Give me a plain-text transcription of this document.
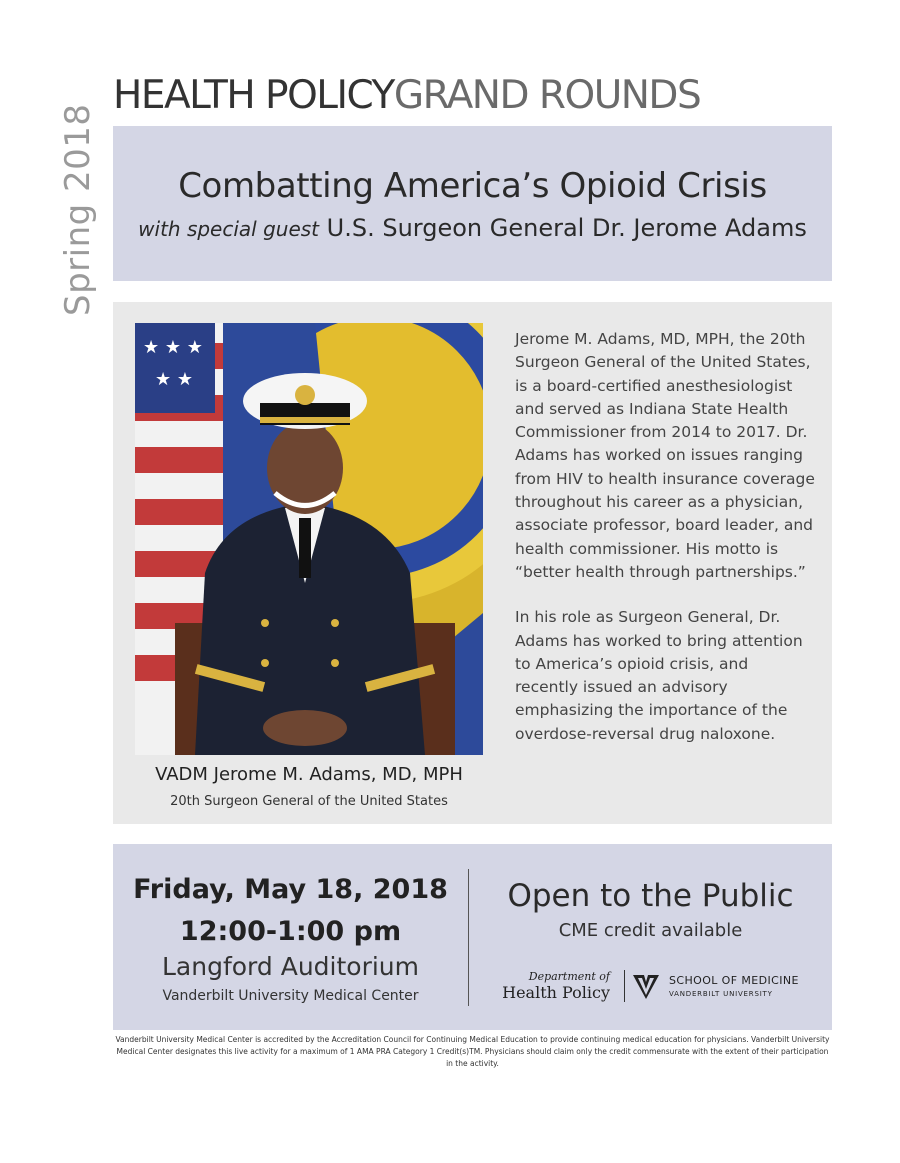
HEALTH POLICYGRAND ROUNDS
Spring 2018	Combatting America’s Opioid Crisis
with special guest U.S. Surgeon General Dr. Jerome Adams
★ ★ ★
★ ★
VADM Jerome M. Adams, MD, MPH
20th Surgeon General of the United States

Jerome M. Adams, MD, MPH, the 20th Surgeon General of the United States, is a board-certified anesthesiologist and served as Indiana State Health Commissioner from 2014 to 2017. Dr. Adams has worked on issues ranging from HIV to health insurance coverage throughout his career as a physician, associate professor, board leader, and health commissioner. His motto is “better health through partnerships.”

In his role as Surgeon General, Dr. Adams has worked to bring attention to America’s opioid crisis, and recently issued an advisory emphasizing the importance of the overdose-reversal drug naloxone.

Friday, May 18, 2018
12:00-1:00 pm
Langford Auditorium
Vanderbilt University Medical Center
Open to the Public
CME credit available
Department of
Health Policy
SCHOOL OF MEDICINE
VANDERBILT UNIVERSITY
Vanderbilt University Medical Center is accredited by the Accreditation Council for Continuing Medical Education to provide continuing medical education for physicians. Vanderbilt University Medical Center designates this live activity for a maximum of 1 AMA PRA Category 1 Credit(s)TM. Physicians should claim only the credit commensurate with the extent of their participation in the activity.
